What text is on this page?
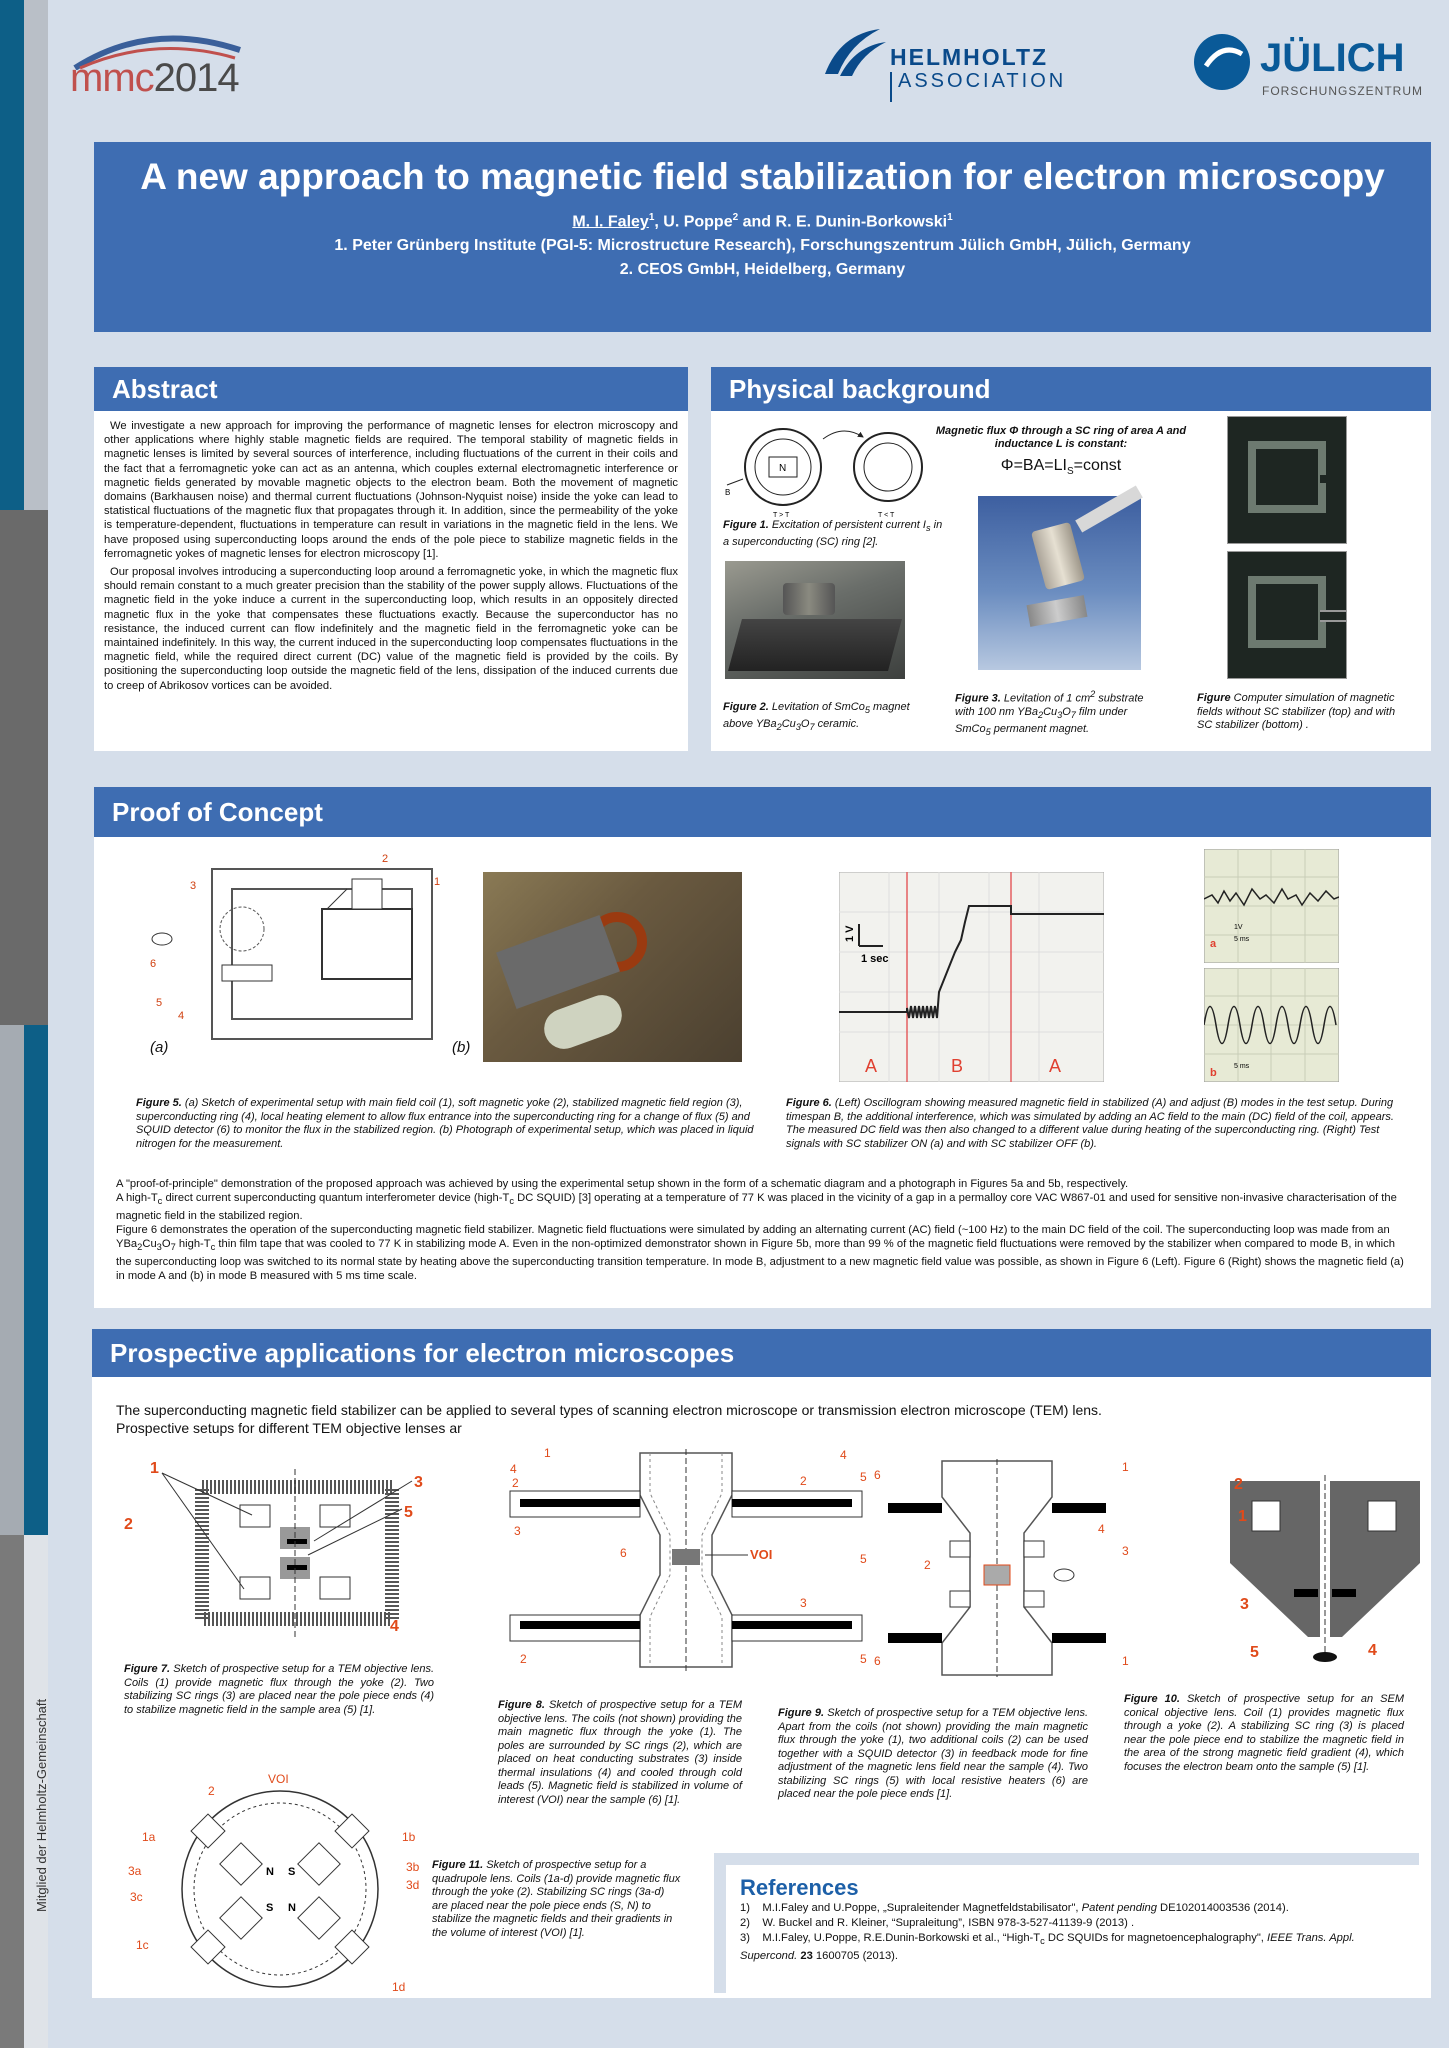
Mitglied der Helmholtz-Gemeinschaft
mmc2014	HELMHOLTZ
ASSOCIATION
JÜLICH
FORSCHUNGSZENTRUM
A new approach to magnetic field stabilization for electron microscopy
M. I. Faley$^1$, U. Poppe$^2$ and R. E. Dunin-Borkowski$^1$
1. Peter Grünberg Institute (PGI-5: Microstructure Research), Forschungszentrum Jülich GmbH, Jülich, Germany
2. CEOS GmbH, Heidelberg, Germany
Abstract

We investigate a new approach for improving the performance of magnetic lenses for electron microscopy and other applications where highly stable magnetic fields are required. The temporal stability of magnetic fields in magnetic lenses is limited by several sources of interference, including fluctuations of the current in their coils and the fact that a ferromagnetic yoke can act as an antenna, which couples external electromagnetic interference or magnetic fields generated by movable magnetic objects to the electron beam. Both the movement of magnetic domains (Barkhausen noise) and thermal current fluctuations (Johnson-Nyquist noise) inside the yoke can lead to statistical fluctuations of the magnetic flux that propagates through it. In addition, since the permeability of the yoke is temperature-dependent, fluctuations in temperature can result in variations in the magnetic field in the lens. We have proposed using superconducting loops around the ends of the pole piece to stabilize magnetic fields in the ferromagnetic yokes of magnetic lenses for electron microscopy [1].

Our proposal involves introducing a superconducting loop around a ferromagnetic yoke, in which the magnetic flux should remain constant to a much greater precision than the stability of the power supply allows. Fluctuations of the magnetic field in the yoke induce a current in the superconducting loop, which results in an oppositely directed magnetic flux in the yoke that compensates these fluctuations exactly. Because the superconductor has no resistance, the induced current can flow indefinitely and the magnetic field in the ferromagnetic yoke can be maintained indefinitely. In this way, the current induced in the superconducting loop compensates fluctuations in the magnetic field, while the required direct current (DC) value of the magnetic field is provided by the coils. By positioning the superconducting loop outside the magnetic field of the lens, dissipation of the induced currents due to creep of Abrikosov vortices can be avoided.

Physical background
N
B
T > T	T < T
Figure 1. Excitation of persistent current $I_s$ in a superconducting (SC) ring [2].
Figure 2. Levitation of SmCo$_5$ magnet above $YBa_2Cu_3O_7$ ceramic.
Magnetic flux Φ through a SC ring of area A and inductance L is constant:
$\Phi=BA=LI_S=const$
Figure 3. Levitation of 1 $cm^2$ substrate with 100 nm $YBa_2Cu_3O_7$ film under SmCo$_5$ permanent magnet.
Figure Computer simulation of magnetic fields without SC stabilizer (top) and with SC stabilizer (bottom) .
Proof of Concept
2
1
3
6
5
4
(a)	(b)
1 V
1 sec
A	B	A
a
1V
5 ms
b
5 ms
Figure 5. (a) Sketch of experimental setup with main field coil (1), soft magnetic yoke (2), stabilized magnetic field region (3), superconducting ring (4), local heating element to allow flux entrance into the superconducting ring for a change of flux (5) and SQUID detector (6) to monitor the flux in the stabilized region. (b) Photograph of experimental setup, which was placed in liquid nitrogen for the measurement.
Figure 6. (Left) Oscillogram showing measured magnetic field in stabilized (A) and adjust (B) modes in the test setup. During timespan B, the additional interference, which was simulated by adding an AC field to the main (DC) field of the coil, appears. The measured DC field was then also changed to a different value during heating of the superconducting ring. (Right) Test signals with SC stabilizer ON (a) and with SC stabilizer OFF (b).
A "proof-of-principle" demonstration of the proposed approach was achieved by using the experimental setup shown in the form of a schematic diagram and a photograph in Figures 5a and 5b, respectively.
A high-$T_c$ direct current superconducting quantum interferometer device ($high-T_c$ DC SQUID) [3] operating at a temperature of 77 K was placed in the vicinity of a gap in a permalloy core VAC W867-01 and used for sensitive non-invasive characterisation of the magnetic field in the stabilized region.
Figure 6 demonstrates the operation of the superconducting magnetic field stabilizer. Magnetic field fluctuations were simulated by adding an alternating current (AC) field (~100 Hz) to the main DC field of the coil. The superconducting loop was made from an $YBa_2Cu_3O_7$ high-$T_c$ thin film tape that was cooled to 77 K in stabilizing mode A. Even in the non-optimized demonstrator shown in Figure 5b, more than 99 % of the magnetic field fluctuations were removed by the stabilizer when compared to mode B, in which the superconducting loop was switched to its normal state by heating above the superconducting transition temperature. In mode B, adjustment to a new magnetic field value was possible, as shown in Figure 6 (Left). Figure 6 (Right) shows the magnetic field (a) in mode A and (b) in mode B measured with 5 ms time scale.
Prospective applications for electron microscopes
The superconducting magnetic field stabilizer can be applied to several types of scanning electron microscope or transmission electron microscope (TEM) lens.
Prospective setups for different TEM objective lenses ar
1
2
3
5
4
Figure 7. Sketch of prospective setup for a TEM objective lens. Coils (1) provide magnetic flux through the yoke (2). Two stabilizing SC rings (3) are placed near the pole piece ends (4) to stabilize magnetic field in the sample area (5) [1].
VOI
1
2
3
4
5
6
4
2
3
5
2
Figure 8. Sketch of prospective setup for a TEM objective lens. The coils (not shown) providing the main magnetic flux through the yoke (1). The poles are surrounded by SC rings (2), which are placed on heat conducting substrates (3) inside thermal insulations (4) and cooled through cold leads (5). Magnetic field is stabilized in volume of interest (VOI) near the sample (6) [1].
6
1
4
3
5	2
6	1
Figure 9. Sketch of prospective setup for a TEM objective lens. Apart from the coils (not shown) providing the main magnetic flux through the yoke (1), two additional coils (2) can be used together with a SQUID detector (3) in feedback mode for fine adjustment of the magnetic lens field near the sample (4). Two stabilizing SC rings (5) with local resistive heaters (6) are placed near the pole piece ends [1].
2
1
3
4
5
Figure 10. Sketch of prospective setup for an SEM conical objective lens. Coil (1) provides magnetic flux through a yoke (2). A stabilizing SC ring (3) is placed near the pole piece end to stabilize the magnetic field in the area of the strong magnetic field gradient (4), which focuses the electron beam onto the sample (5) [1].
N S
S N
VOI
2
1a	1b
3a	3b
3c
3d
1c
1d
Figure 11. Sketch of prospective setup for a quadrupole lens. Coils (1a-d) provide magnetic flux through the yoke (2). Stabilizing SC rings (3a-d) are placed near the pole piece ends (S, N) to stabilize the magnetic fields and their gradients in the volume of interest (VOI) [1].
References
1) M.I.Faley and U.Poppe, „Supraleitender Magnetfeldstabilisator", Patent pending DE102014003536 (2014).
2) W. Buckel and R. Kleiner, “Supraleitung”, ISBN 978-3-527-41139-9 (2013) .
3) M.I.Faley, U.Poppe, R.E.Dunin-Borkowski et al., “$High-T_c$ DC SQUIDs for magnetoencephalography", IEEE Trans. Appl. Supercond. 23 1600705 (2013).
